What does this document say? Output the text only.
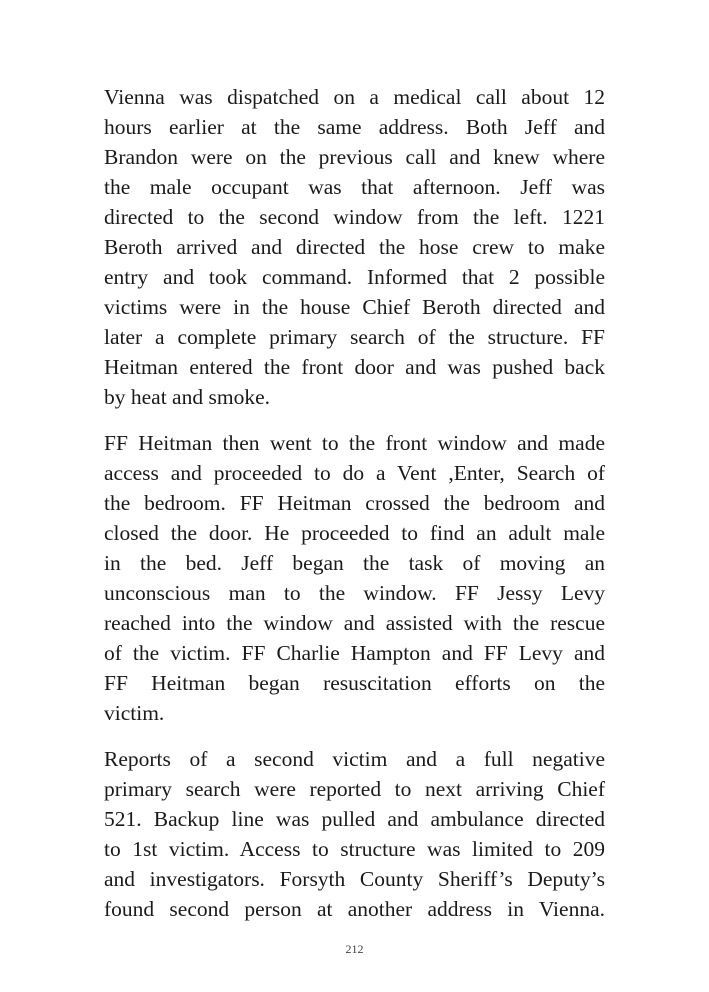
Vienna was dispatched on a medical call about 12
hours earlier at the same address. Both Jeff and
Brandon were on the previous call and knew where
the male occupant was that afternoon. Jeff was
directed to the second window from the left. 1221
Beroth arrived and directed the hose crew to make
entry and took command. Informed that 2 possible
victims were in the house Chief Beroth directed and
later a complete primary search of the structure. FF
Heitman entered the front door and was pushed back
by heat and smoke.

FF Heitman then went to the front window and made
access and proceeded to do a Vent ,Enter, Search of
the bedroom. FF Heitman crossed the bedroom and
closed the door. He proceeded to find an adult male
in the bed. Jeff began the task of moving an
unconscious man to the window. FF Jessy Levy
reached into the window and assisted with the rescue
of the victim. FF Charlie Hampton and FF Levy and
FF Heitman began resuscitation efforts on the
victim.

Reports of a second victim and a full negative
primary search were reported to next arriving Chief
521. Backup line was pulled and ambulance directed
to 1st victim. Access to structure was limited to 209
and investigators. Forsyth County Sheriff’s Deputy’s
found second person at another address in Vienna.

212
